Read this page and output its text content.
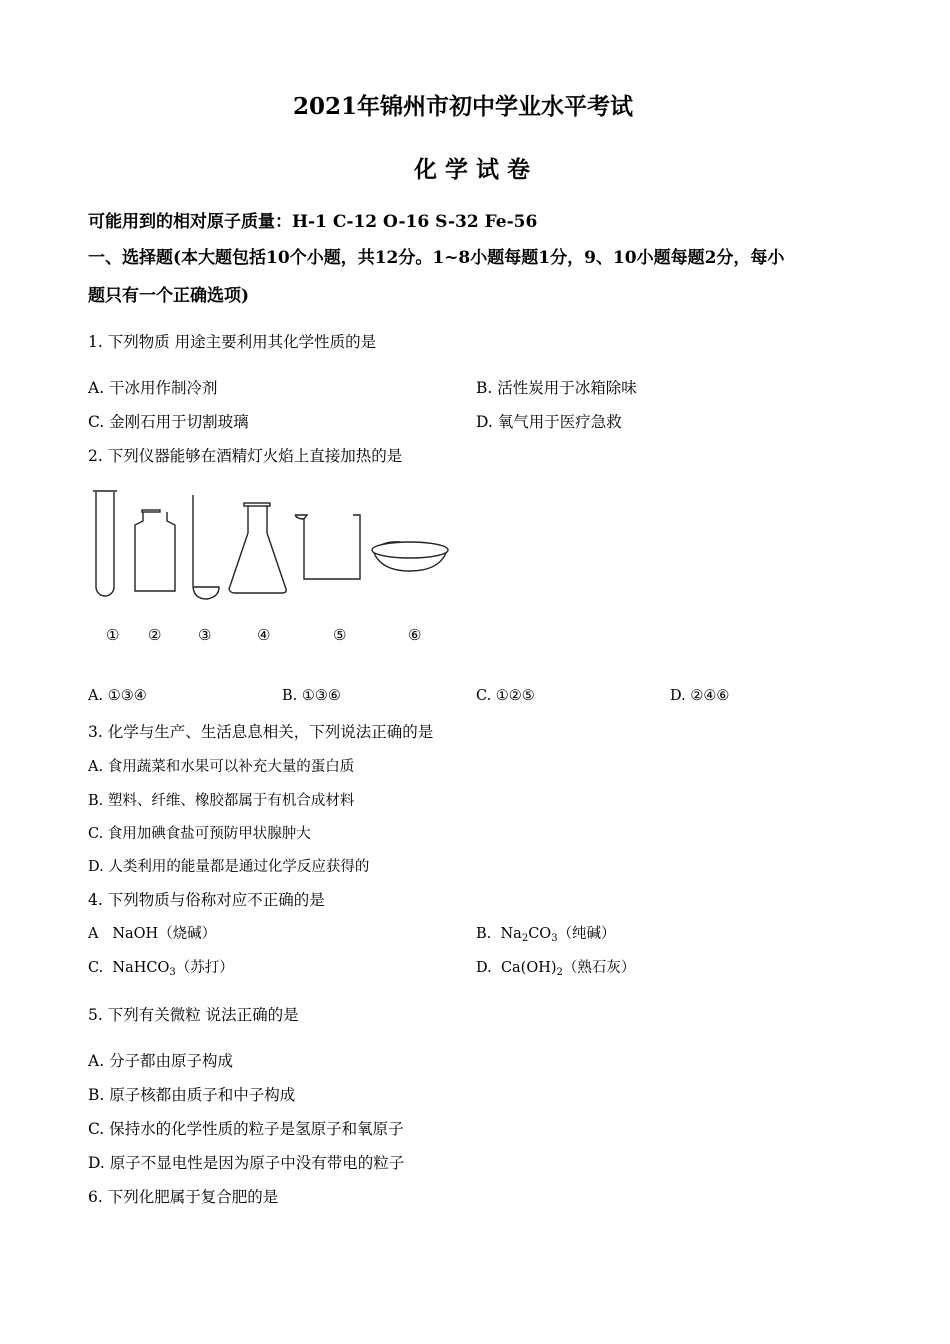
2021年锦州市初中学业水平考试
化 学 试 卷
可能用到的相对原子质量：H-1 C-12 O-16 S-32 Fe-56
一、选择题(本大题包括10个小题，共12分。1~8小题每题1分，9、10小题每题2分，每小
题只有一个正确选项)
1. 下列物质 用途主要利用其化学性质的是
A. 干冰用作制冷剂	B. 活性炭用于冰箱除味
C. 金刚石用于切割玻璃	D. 氧气用于医疗急救
2. 下列仪器能够在酒精灯火焰上直接加热的是
① ② ③	④	⑤	⑥
A. ①③④	B. ①③⑥	C. ①②⑤	D. ②④⑥
3. 化学与生产、生活息息相关，下列说法正确的是
A. 食用蔬菜和水果可以补充大量的蛋白质
B. 塑料、纤维、橡胶都属于有机合成材料
C. 食用加碘食盐可预防甲状腺肿大
D. 人类利用的能量都是通过化学反应获得的
4. 下列物质与俗称对应不正确的是
A NaOH（烧碱）	B. $Na_2CO_3$（纯碱）
C. NaHCO$_3$（苏打）	D. $Ca(OH)_2$（熟石灰）
5. 下列有关微粒 说法正确的是
A. 分子都由原子构成
B. 原子核都由质子和中子构成
C. 保持水的化学性质的粒子是氢原子和氧原子
D. 原子不显电性是因为原子中没有带电的粒子
6. 下列化肥属于复合肥的是
